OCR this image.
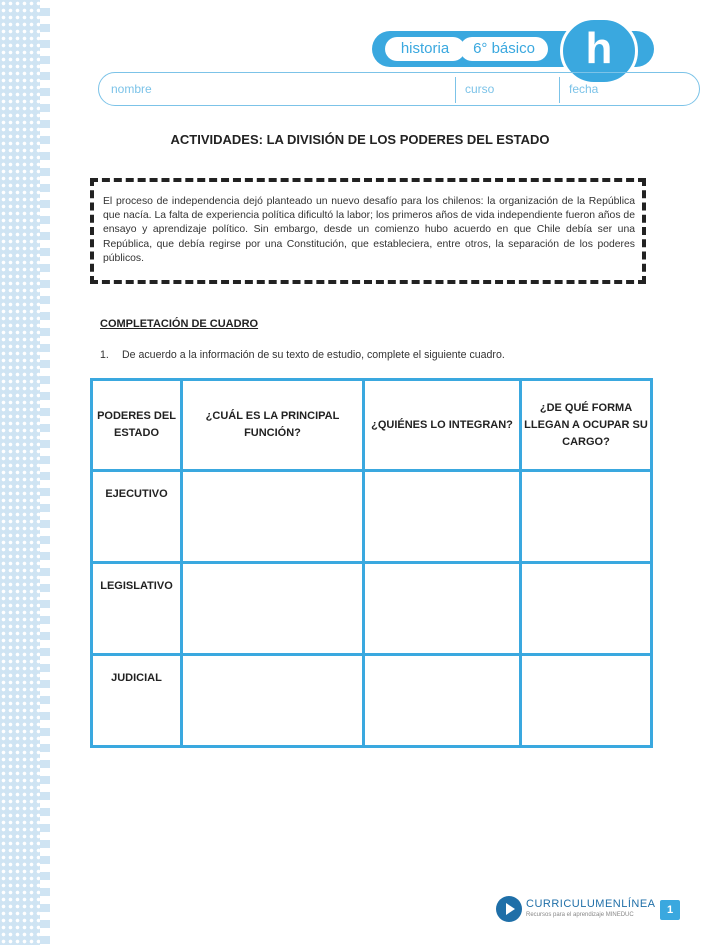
historia	6° básico	h
nombre	curso	fecha
ACTIVIDADES: LA DIVISIÓN DE LOS PODERES DEL ESTADO
El proceso de independencia dejó planteado un nuevo desafío para los chilenos: la organización de la República que nacía. La falta de experiencia política dificultó la labor; los primeros años de vida independiente fueron años de ensayo y aprendizaje político. Sin embargo, desde un comienzo hubo acuerdo en que Chile debía ser una República, que debía regirse por una Constitución, que estableciera, entre otros, la separación de los poderes públicos.
COMPLETACIÓN DE CUADRO
1. De acuerdo a la información de su texto de estudio, complete el siguiente cuadro.
PODERES DEL ESTADO	¿CUÁL ES LA PRINCIPAL FUNCIÓN?	¿QUIÉNES LO INTEGRAN?	¿DE QUÉ FORMA LLEGAN A OCUPAR SU CARGO?
EJECUTIVO			
LEGISLATIVO			
JUDICIAL			
CURRICULUMENLÍNEA
Recursos para el aprendizaje MINEDUC	1
